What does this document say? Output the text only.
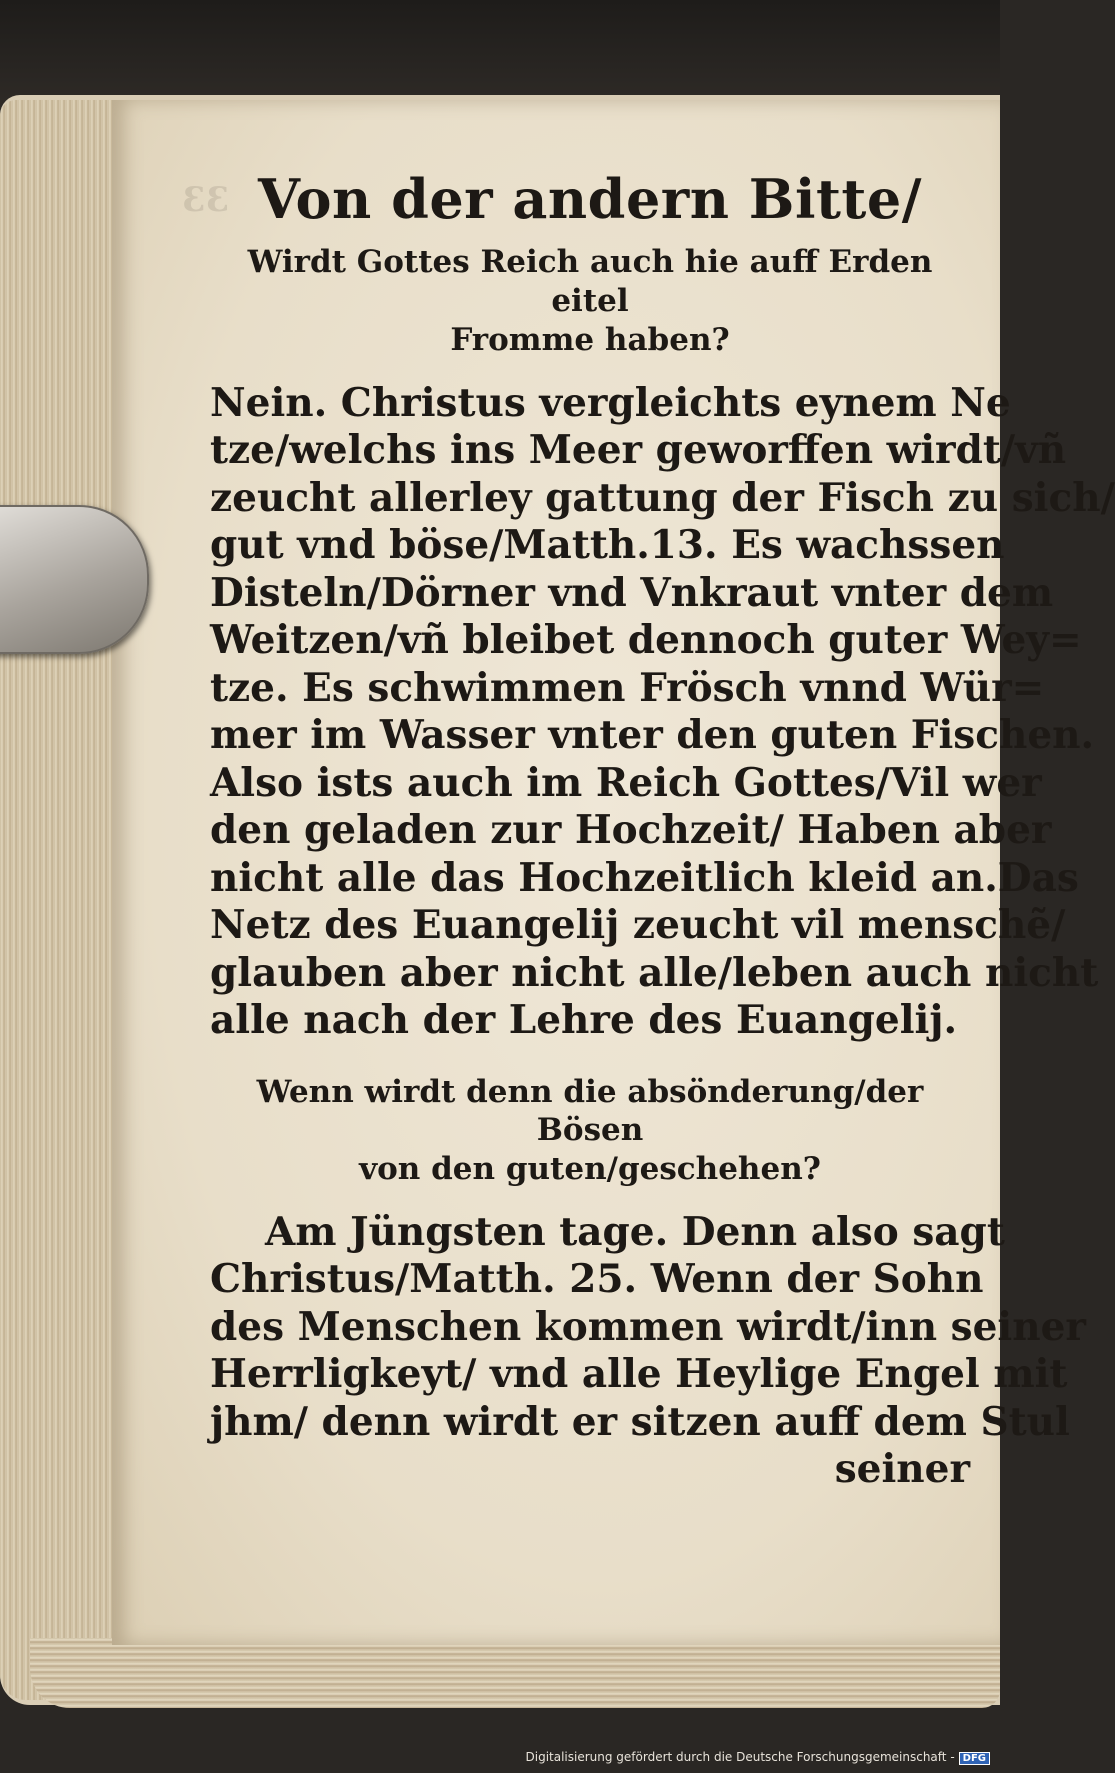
33 Von der andern Bitte/
Wirdt Gottes Reich auch hie auff Erden eitel
Fromme haben?
Nein. Christus vergleichts eynem Ne
tze/welchs ins Meer geworffen wirdt/vñ
zeucht allerley gattung der Fisch zu sich/
gut vnd böse/Matth.13. Es wachssen
Disteln/Dörner vnd Vnkraut vnter dem
Weitzen/vñ bleibet dennoch guter Wey=
tze. Es schwimmen Frösch vnnd Wür=
mer im Wasser vnter den guten Fischen.
Also ists auch im Reich Gottes/Vil wer
den geladen zur Hochzeit/ Haben aber
nicht alle das Hochzeitlich kleid an.Das
Netz des Euangelij zeucht vil menschẽ/
glauben aber nicht alle/leben auch nicht
alle nach der Lehre des Euangelij.
Wenn wirdt denn die absönderung/der Bösen
von den guten/geschehen?
Am Jüngsten tage. Denn also sagt
Christus/Matth. 25. Wenn der Sohn
des Menschen kommen wirdt/inn seiner
Herrligkeyt/ vnd alle Heylige Engel mit
jhm/ denn wirdt er sitzen auff dem Stul
seiner
Digitalisierung gefördert durch die Deutsche Forschungsgemeinschaft - DFG
